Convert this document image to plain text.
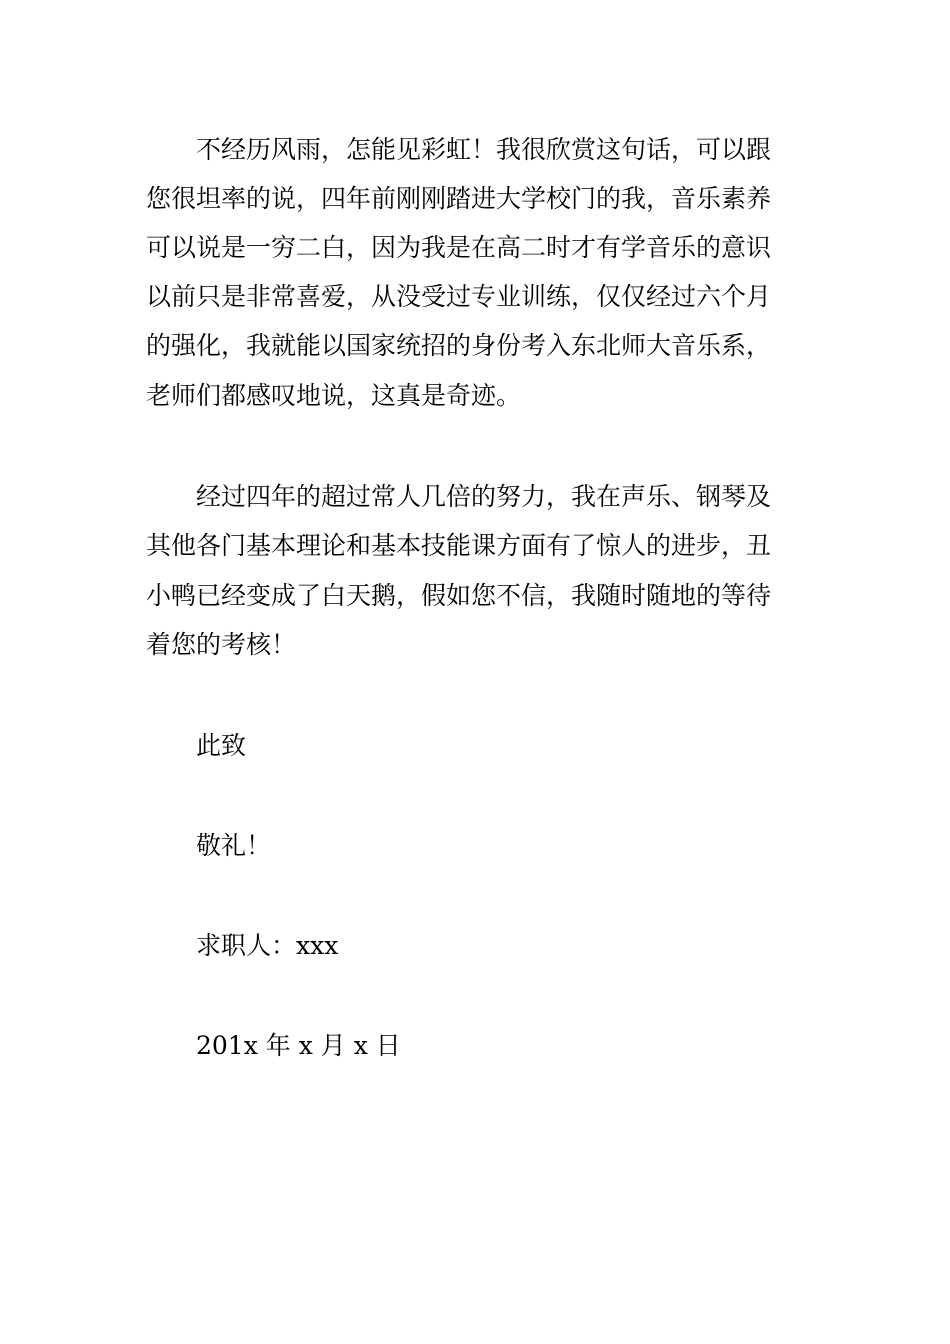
不经历风雨，怎能见彩虹！我很欣赏这句话，可以跟
您很坦率的说，四年前刚刚踏进大学校门的我，音乐素养
可以说是一穷二白，因为我是在高二时才有学音乐的意识
以前只是非常喜爱，从没受过专业训练，仅仅经过六个月
的强化，我就能以国家统招的身份考入东北师大音乐系，
老师们都感叹地说，这真是奇迹。
经过四年的超过常人几倍的努力，我在声乐、钢琴及
其他各门基本理论和基本技能课方面有了惊人的进步，丑
小鸭已经变成了白天鹅，假如您不信，我随时随地的等待
着您的考核！
此致
敬礼！
求职人：xxx
201x 年 x 月 x 日
